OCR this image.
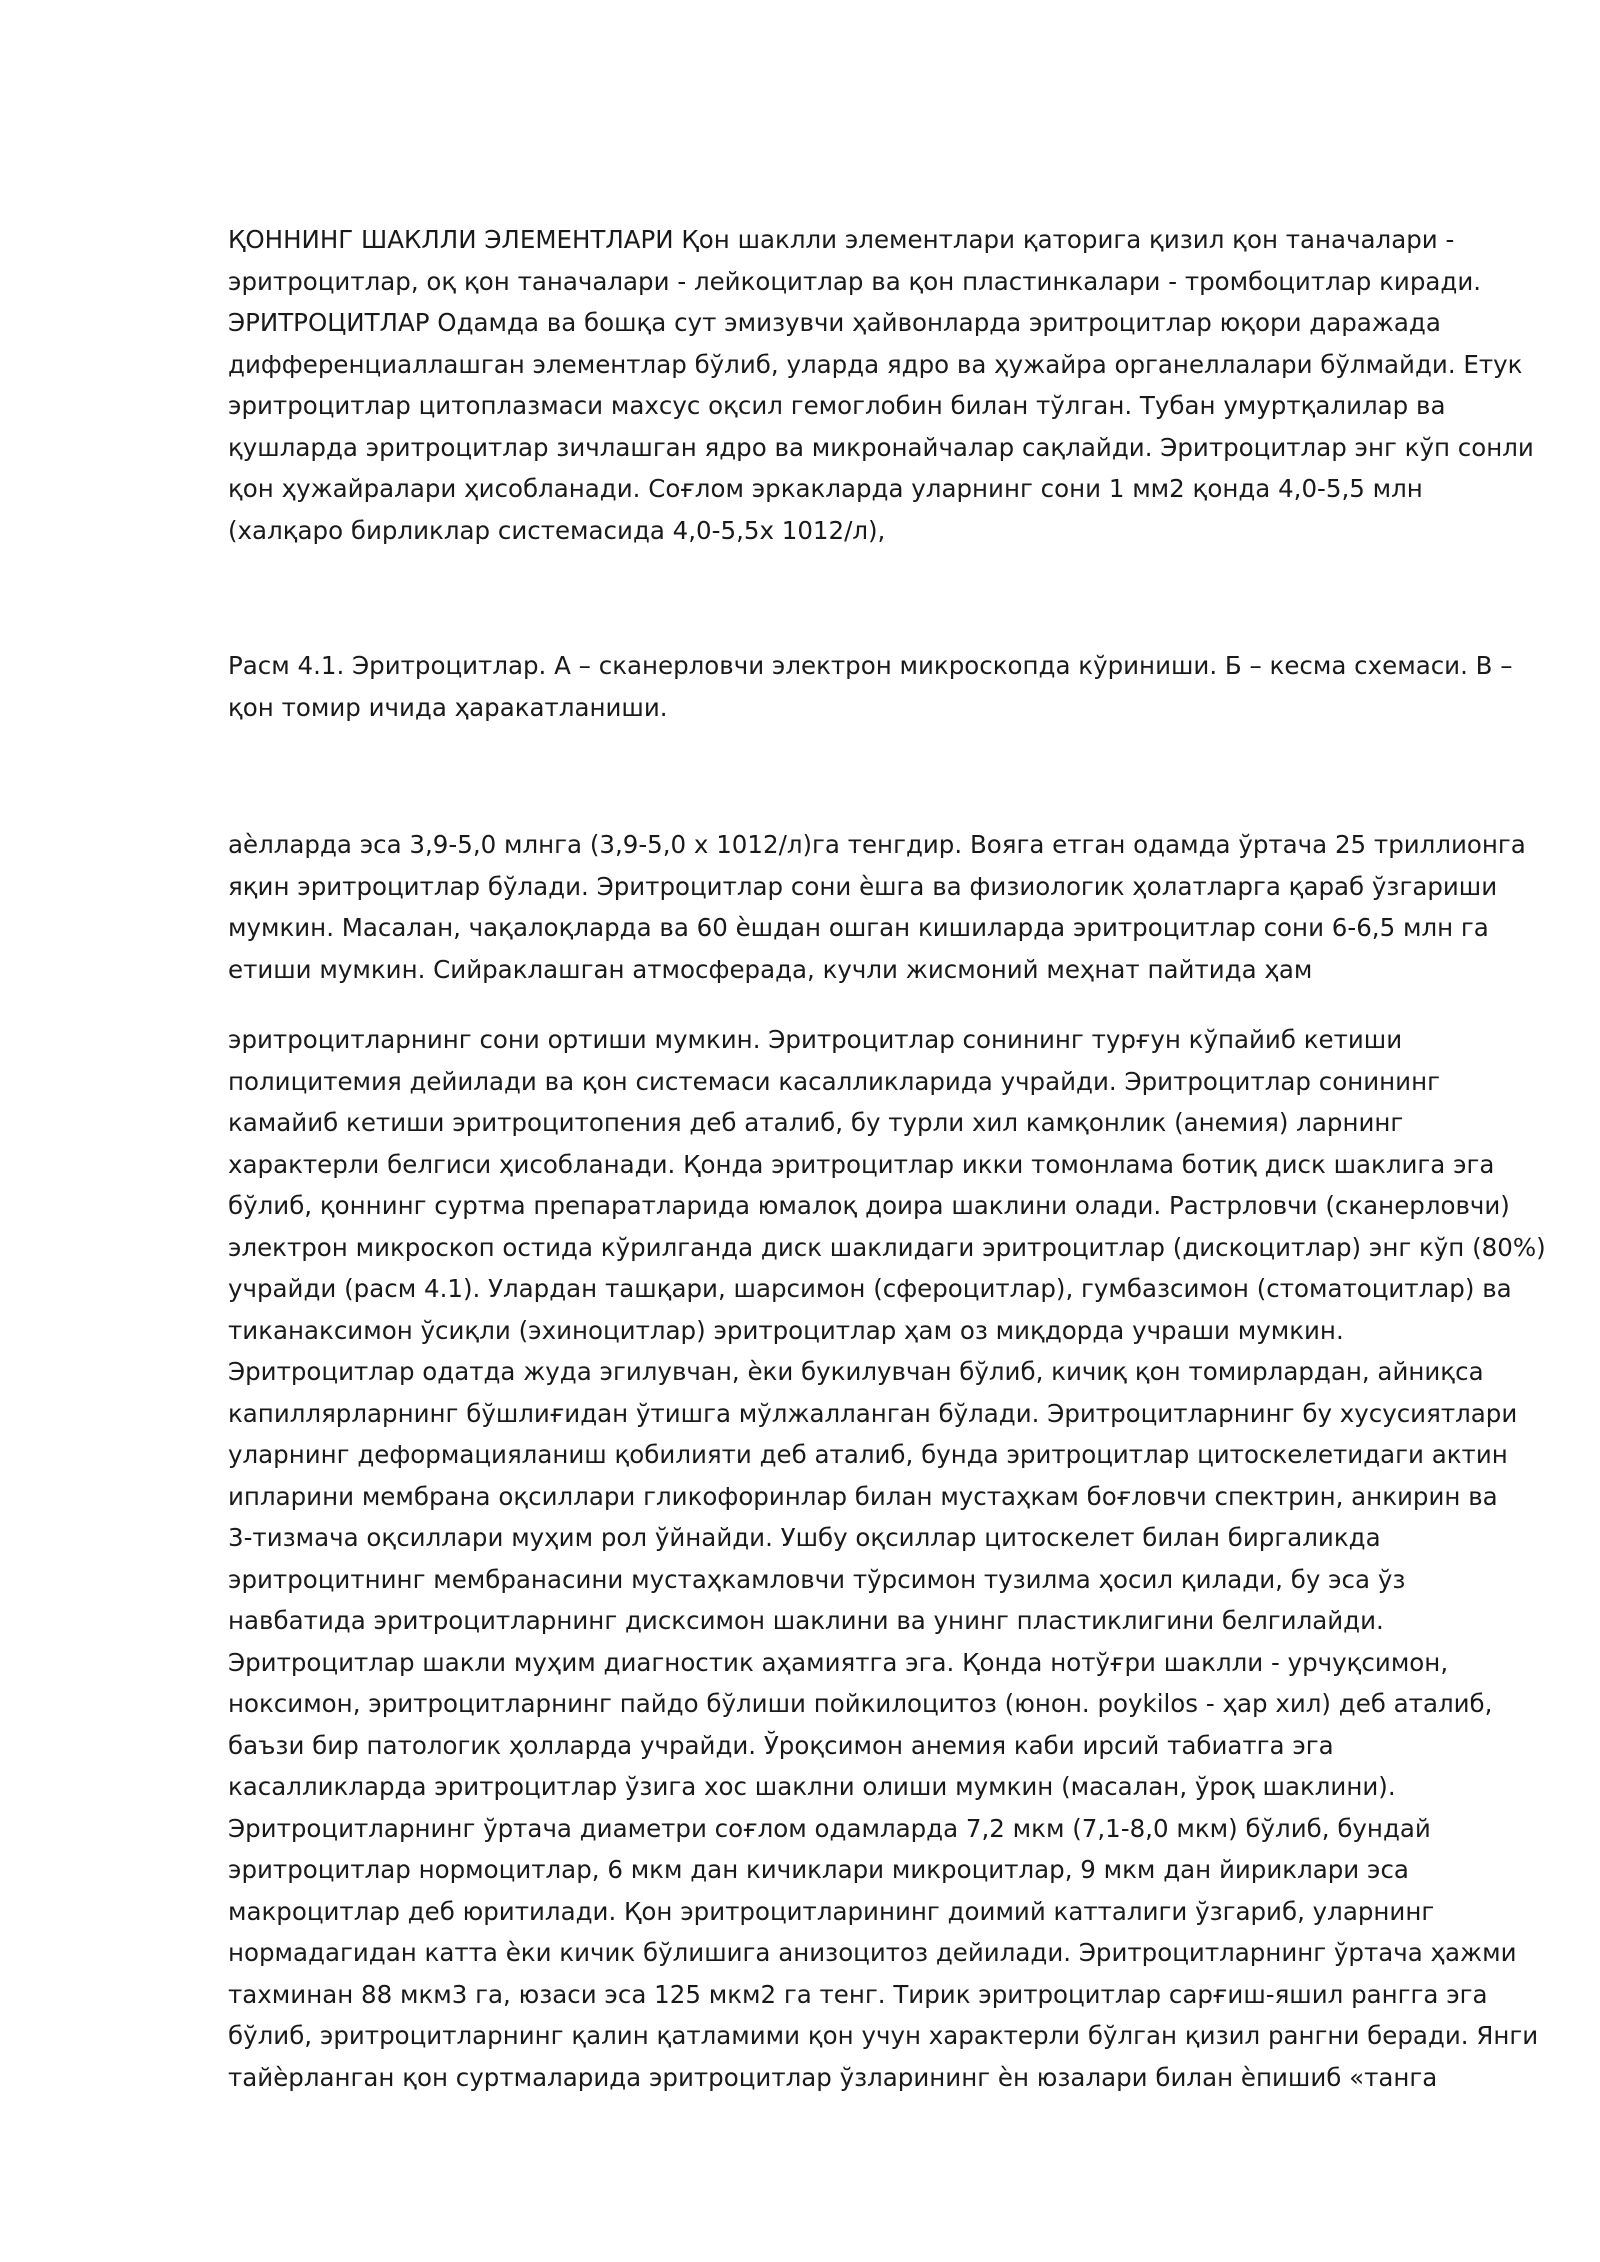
ҚОННИНГ ШАКЛЛИ ЭЛЕМЕНТЛАРИ Қон шаклли элементлари қаторига қизил қон таначалари -
эритроцитлар, оқ қон таначалари - лейкоцитлар ва қон пластинкалари - тромбоцитлар киради.
ЭРИТРОЦИТЛАР Одамда ва бошқа сут эмизувчи ҳайвонларда эритроцитлар юқори даражада
дифференциаллашган элементлар бўлиб, уларда ядро ва ҳужайра органеллалари бўлмайди. Етук
эритроцитлар цитоплазмаси махсус оқсил гемоглобин билан тўлган. Тубан умуртқалилар ва
қушларда эритроцитлар зичлашган ядро ва микронайчалар сақлайди. Эритроцитлар энг кўп сонли
қон ҳужайралари ҳисобланади. Соғлом эркакларда уларнинг сони 1 мм2 қонда 4,0-5,5 млн
(халқаро бирликлар системасида 4,0-5,5х 1012/л),
Расм 4.1. Эритроцитлар. А – сканерловчи электрон микроскопда кўриниши. Б – кесма схемаси. В –
қон томир ичида ҳаракатланиши.
аѐлларда эса 3,9-5,0 млнга (3,9-5,0 х 1012/л)га тенгдир. Вояга етган одамда ўртача 25 триллионга
яқин эритроцитлар бўлади. Эритроцитлар сони ѐшга ва физиологик ҳолатларга қараб ўзгариши
мумкин. Масалан, чақалоқларда ва 60 ѐшдан ошган кишиларда эритроцитлар сони 6-6,5 млн га
етиши мумкин. Сийраклашган атмосферада, кучли жисмоний меҳнат пайтида ҳам
эритроцитларнинг сони ортиши мумкин. Эритроцитлар сонининг турғун кўпайиб кетиши
полицитемия дейилади ва қон системаси касалликларида учрайди. Эритроцитлар сонининг
камайиб кетиши эритроцитопения деб аталиб, бу турли хил камқонлик (анемия) ларнинг
характерли белгиси ҳисобланади. Қонда эритроцитлар икки томонлама ботиқ диск шаклига эга
бўлиб, қоннинг суртма препаратларида юмалоқ доира шаклини олади. Растрловчи (сканерловчи)
электрон микроскоп остида кўрилганда диск шаклидаги эритроцитлар (дискоцитлар) энг кўп (80%)
учрайди (расм 4.1). Улардан ташқари, шарсимон (сфероцитлар), гумбазсимон (стоматоцитлар) ва
тиканаксимон ўсиқли (эхиноцитлар) эритроцитлар ҳам оз миқдорда учраши мумкин.
Эритроцитлар одатда жуда эгилувчан, ѐки букилувчан бўлиб, кичиқ қон томирлардан, айниқса
капиллярларнинг бўшлиғидан ўтишга мўлжалланган бўлади. Эритроцитларнинг бу хусусиятлари
уларнинг деформацияланиш қобилияти деб аталиб, бунда эритроцитлар цитоскелетидаги актин
ипларини мембрана оқсиллари гликофоринлар билан мустаҳкам боғловчи спектрин, анкирин ва
3-тизмача оқсиллари муҳим рол ўйнайди. Ушбу оқсиллар цитоскелет билан биргаликда
эритроцитнинг мембранасини мустаҳкамловчи тўрсимон тузилма ҳосил қилади, бу эса ўз
навбатида эритроцитларнинг дисксимон шаклини ва унинг пластиклигини белгилайди.
Эритроцитлар шакли муҳим диагностик аҳамиятга эга. Қонда нотўғри шаклли - урчуқсимон,
ноксимон, эритроцитларнинг пайдо бўлиши пойкилоцитоз (юнон. poykilos - ҳар хил) деб аталиб,
баъзи бир патологик ҳолларда учрайди. Ўроқсимон анемия каби ирсий табиатга эга
касалликларда эритроцитлар ўзига хос шаклни олиши мумкин (масалан, ўроқ шаклини).
Эритроцитларнинг ўртача диаметри соғлом одамларда 7,2 мкм (7,1-8,0 мкм) бўлиб, бундай
эритроцитлар нормоцитлар, 6 мкм дан кичиклари микроцитлар, 9 мкм дан йириклари эса
макроцитлар деб юритилади. Қон эритроцитларининг доимий катталиги ўзгариб, уларнинг
нормадагидан катта ѐки кичик бўлишига анизоцитоз дейилади. Эритроцитларнинг ўртача ҳажми
тахминан 88 мкм3 га, юзаси эса 125 мкм2 га тенг. Тирик эритроцитлар сарғиш-яшил рангга эга
бўлиб, эритроцитларнинг қалин қатламими қон учун характерли бўлган қизил рангни беради. Янги
тайѐрланган қон суртмаларида эритроцитлар ўзларининг ѐн юзалари билан ѐпишиб «танга
